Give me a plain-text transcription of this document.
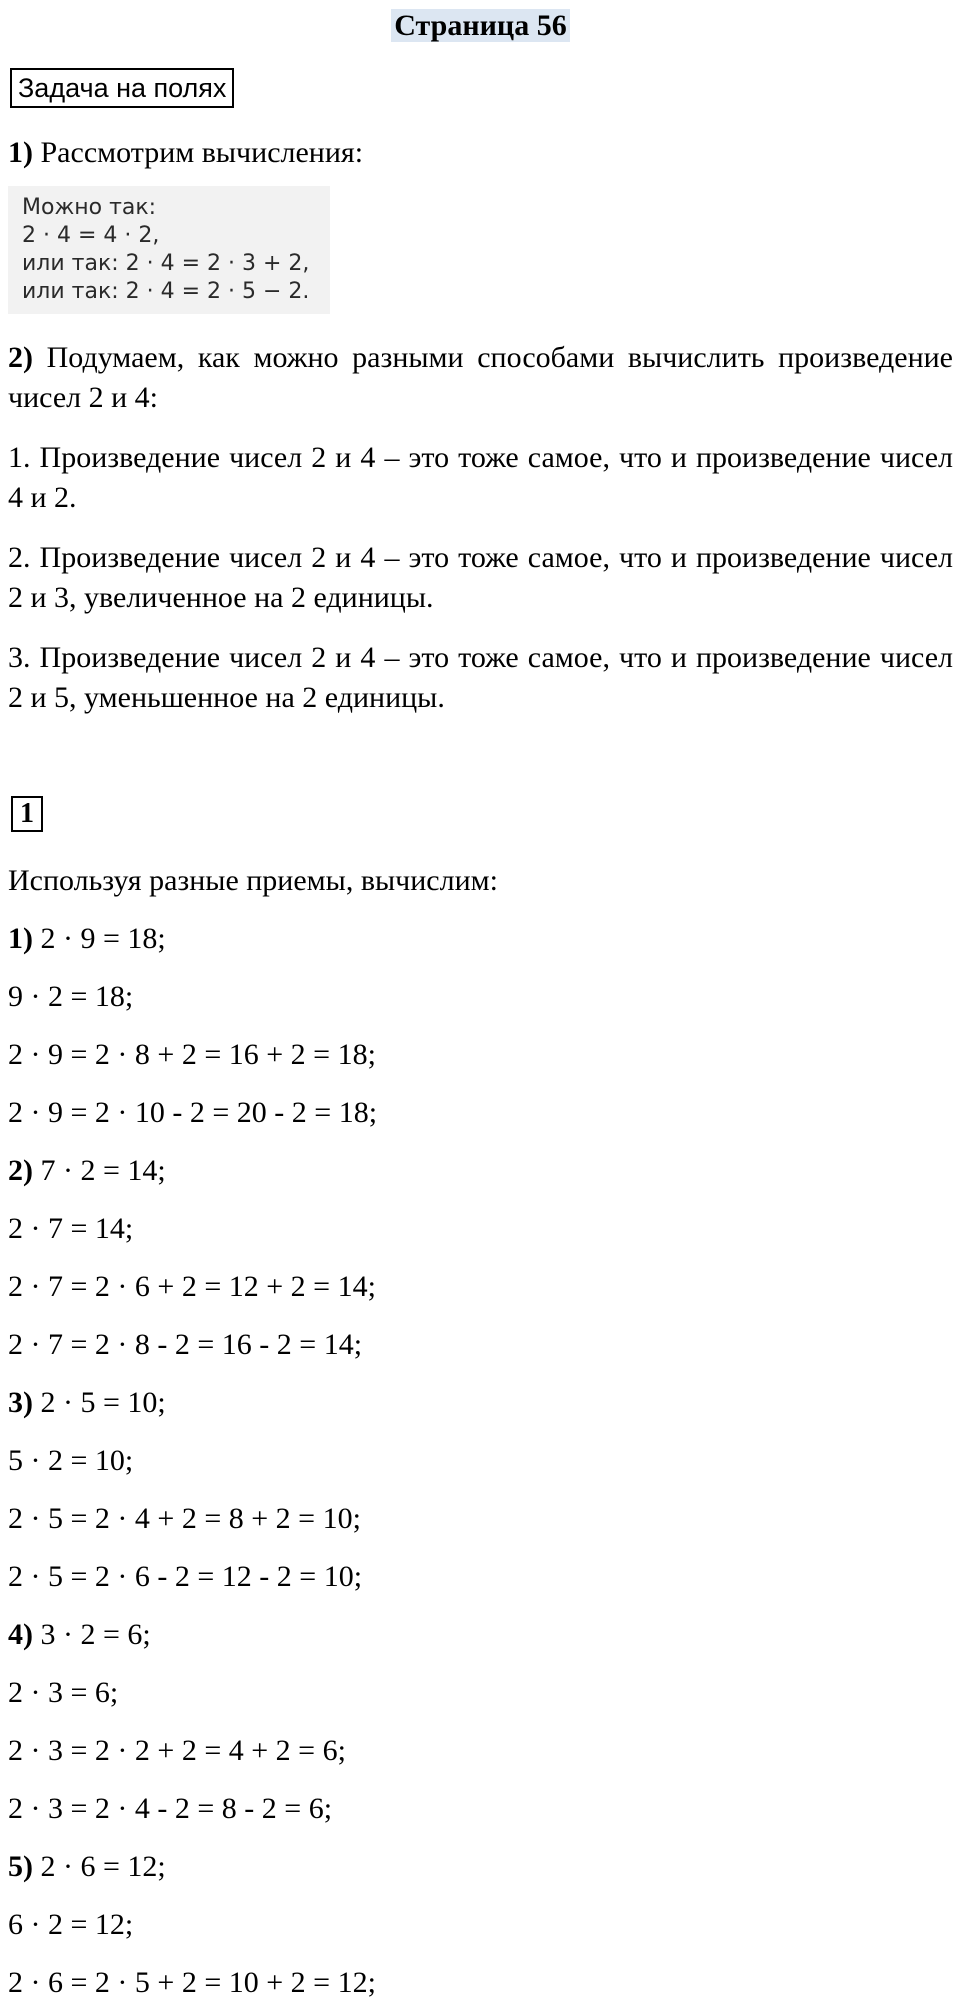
Страница 56
Задача на полях
1) Рассмотрим вычисления:
Можно так:
2 · 4 = 4 · 2,
или так: 2 · 4 = 2 · 3 + 2,
или так: 2 · 4 = 2 · 5 − 2.
2) Подумаем, как можно разными способами вычислить произведение чисел 2 и 4:
1. Произведение чисел 2 и 4 – это тоже самое, что и произведение чисел 4 и 2.
2. Произведение чисел 2 и 4 – это тоже самое, что и произведение чисел 2 и 3, увеличенное на 2 единицы.
3. Произведение чисел 2 и 4 – это тоже самое, что и произведение чисел 2 и 5, уменьшенное на 2 единицы.
1
Используя разные приемы, вычислим:
1) 2 · 9 = 18;
9 · 2 = 18;
2 · 9 = 2 · 8 + 2 = 16 + 2 = 18;
2 · 9 = 2 · 10 - 2 = 20 - 2 = 18;
2) 7 · 2 = 14;
2 · 7 = 14;
2 · 7 = 2 · 6 + 2 = 12 + 2 = 14;
2 · 7 = 2 · 8 - 2 = 16 - 2 = 14;
3) 2 · 5 = 10;
5 · 2 = 10;
2 · 5 = 2 · 4 + 2 = 8 + 2 = 10;
2 · 5 = 2 · 6 - 2 = 12 - 2 = 10;
4) 3 · 2 = 6;
2 · 3 = 6;
2 · 3 = 2 · 2 + 2 = 4 + 2 = 6;
2 · 3 = 2 · 4 - 2 = 8 - 2 = 6;
5) 2 · 6 = 12;
6 · 2 = 12;
2 · 6 = 2 · 5 + 2 = 10 + 2 = 12;
